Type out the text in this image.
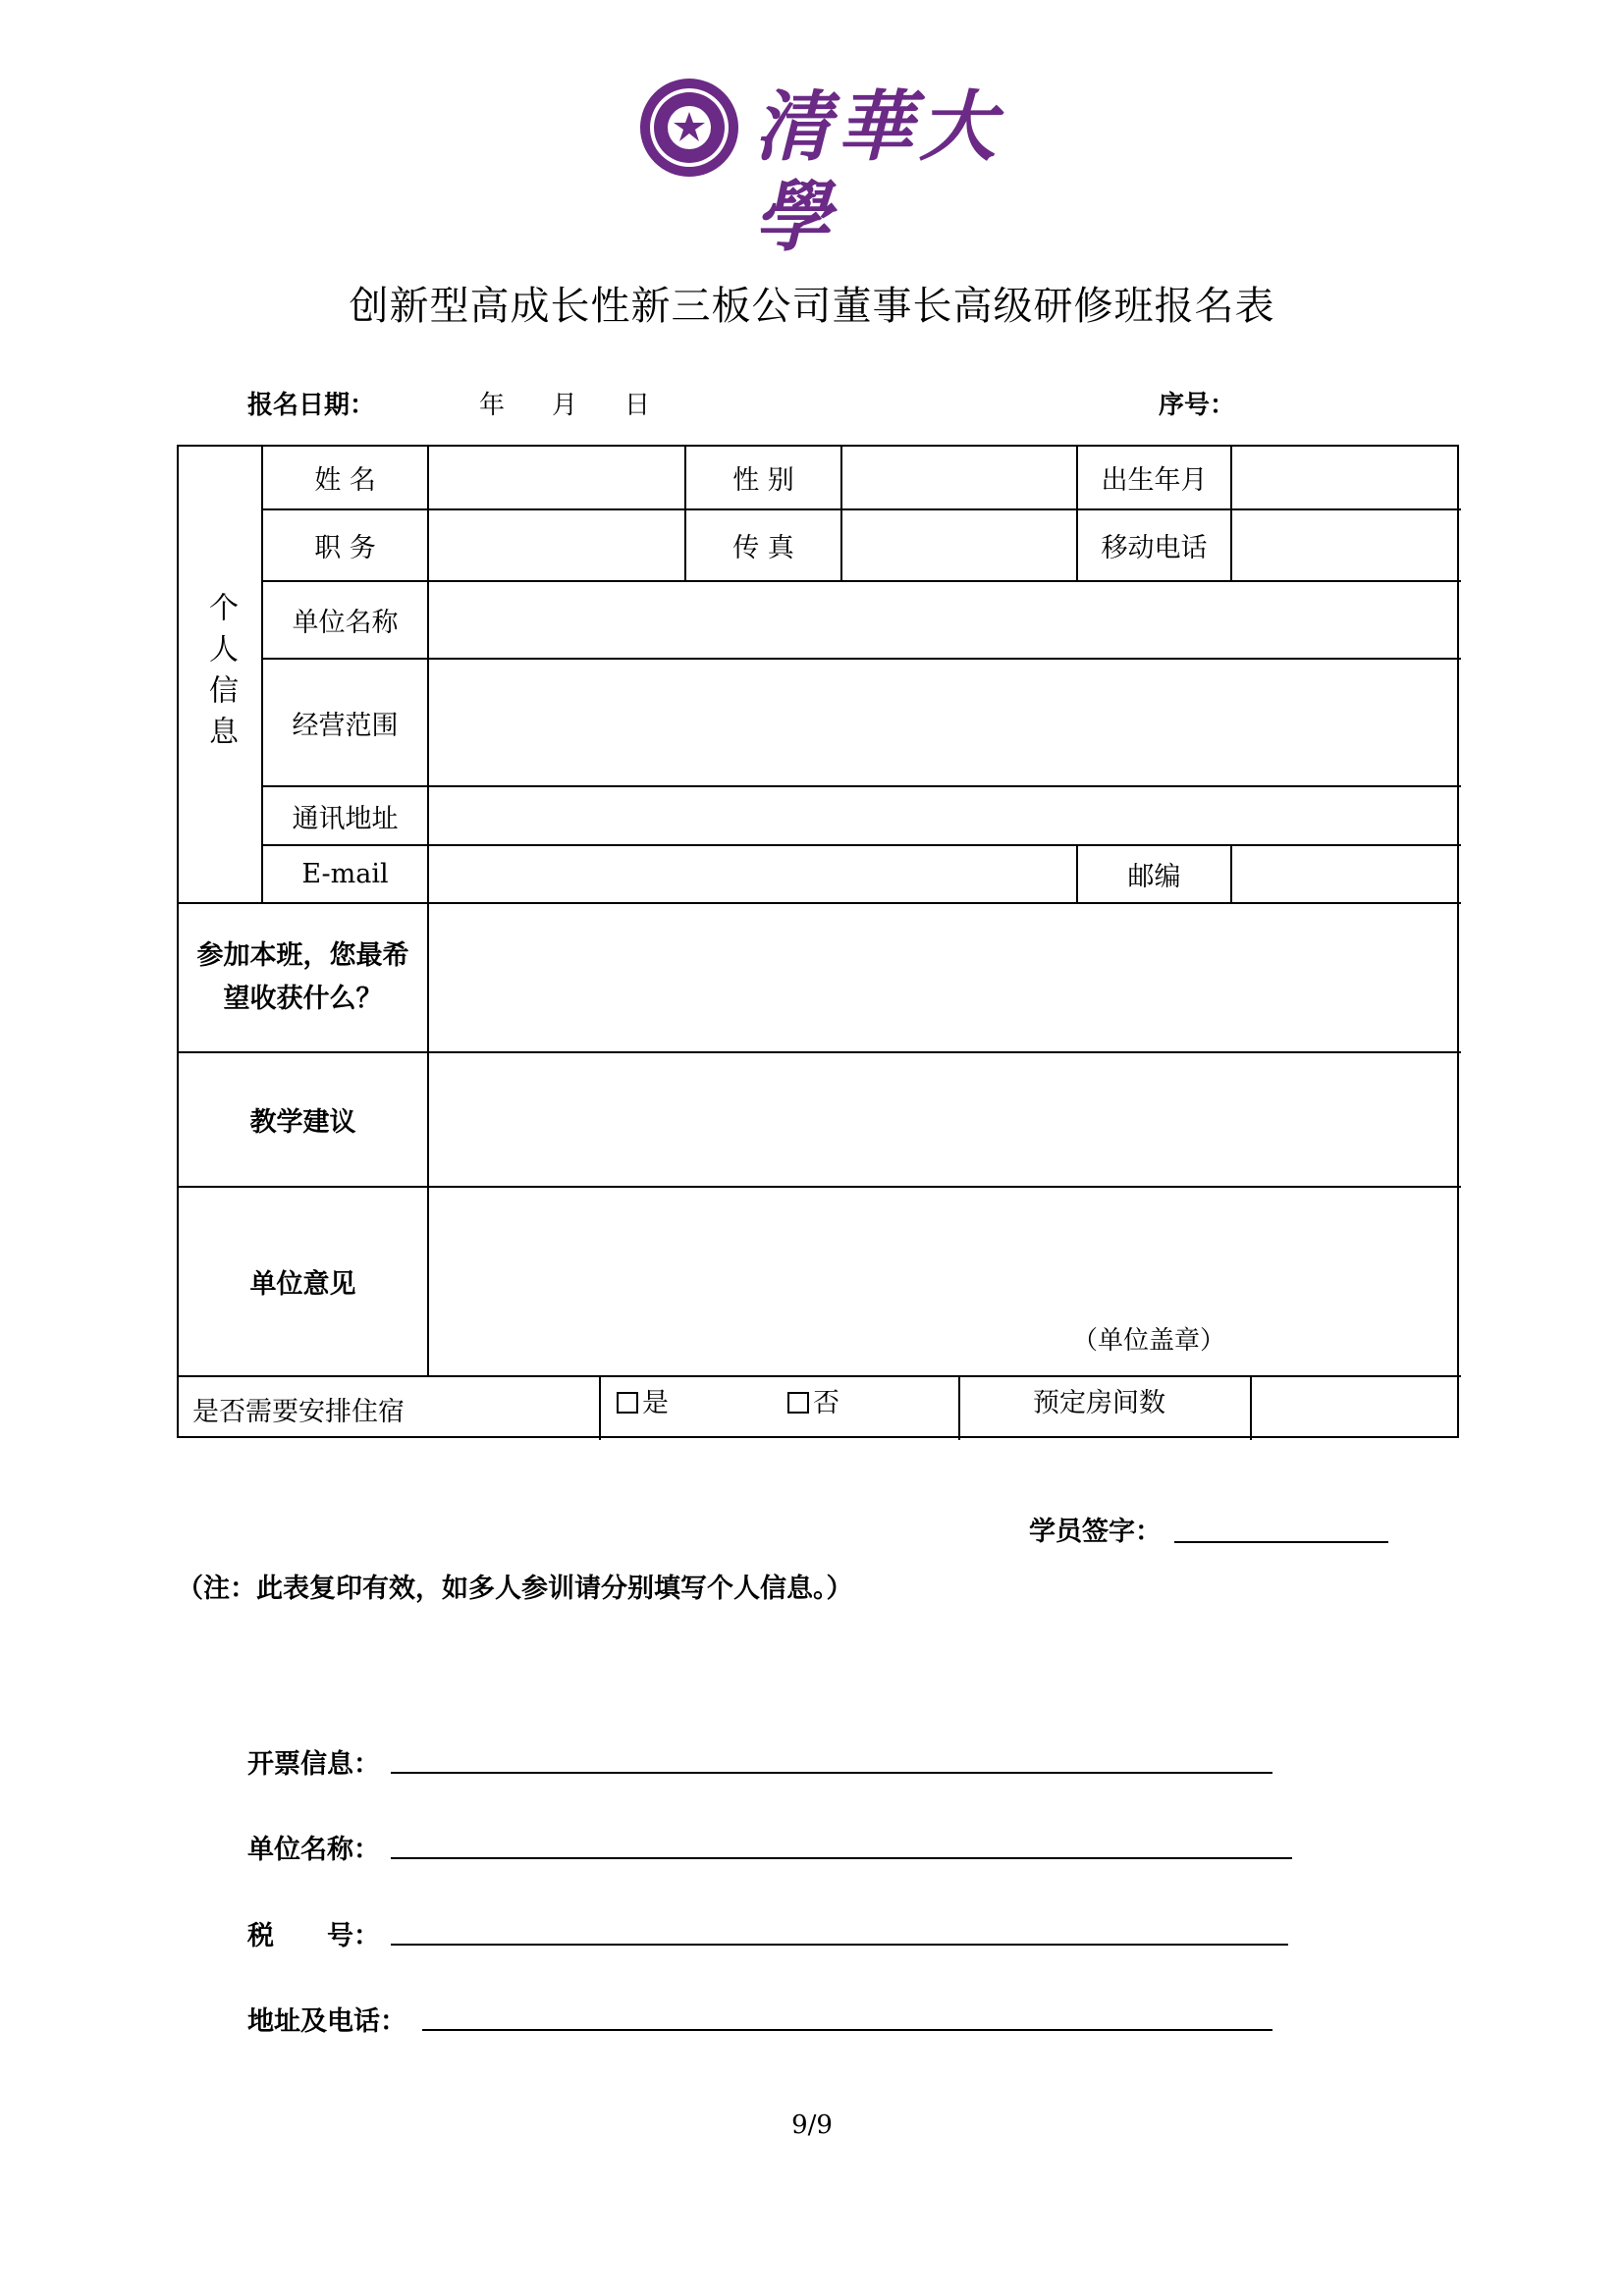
清華大學
创新型高成长性新三板公司董事长高级研修班报名表
报名日期：	年 月 日	序号：
个人信息
姓 名	性 别	出生年月
职 务	传 真	移动电话
单位名称
经营范围
通讯地址
E-mail	邮编
参加本班，您最希望收获什么？
教学建议
单位意见
（单位盖章）
是否需要安排住宿	是	否	预定房间数
学员签字：
（注：此表复印有效，如多人参训请分别填写个人信息。）
开票信息：
单位名称：
税　　号：
地址及电话：
9/9
